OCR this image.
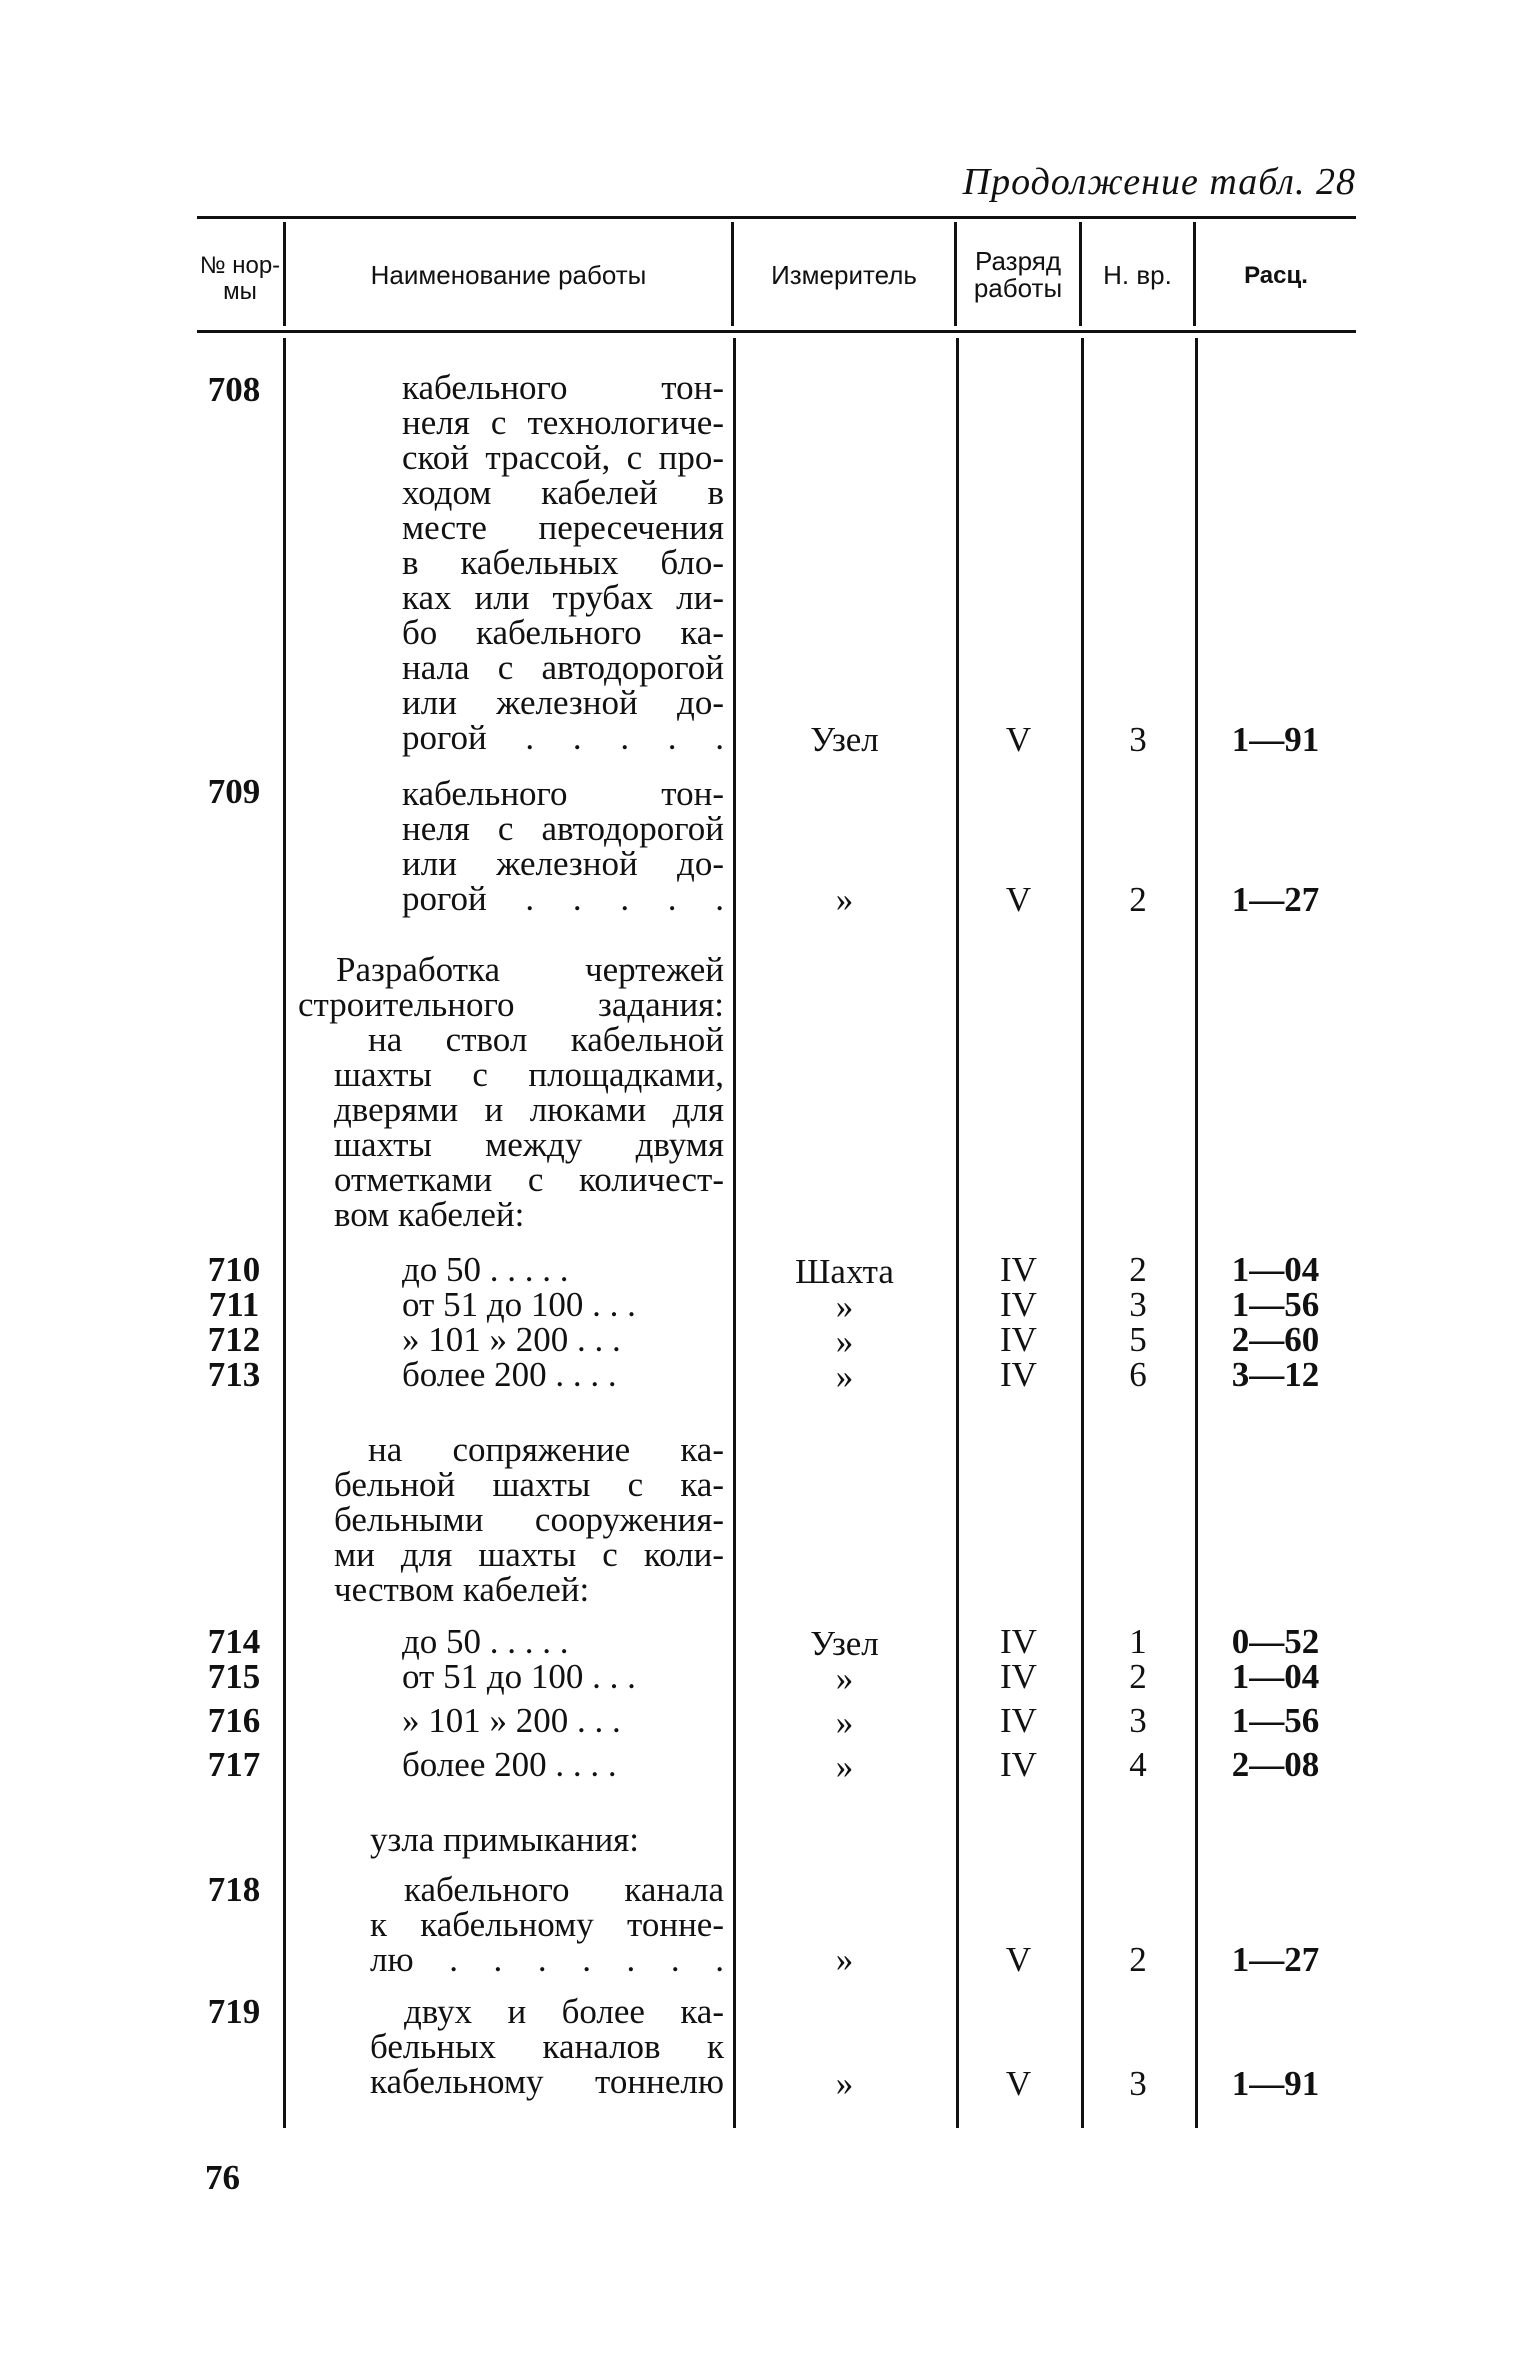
Продолжение табл. 28
№ нор- мы
Наименование работы	Измеритель	Разряд работы	Н. вр.	Расц.
708	кабельного тон-
неля с технологиче-
ской трассой, с про-
ходом кабелей в
месте пересечения
в кабельных бло-
ках или трубах ли-
бо кабельного ка-
нала с автодорогой
или железной до-
рогой . . . . .	Узел	V	3	1—91
709	кабельного тон-
неля с автодорогой
или железной до-
рогой . . . . .	»	V	2	1—27
Разработка чертежей
строительного задания:
на ствол кабельной
шахты с площадками,
дверями и люками для
шахты между двумя
отметками с количест-
вом кабелей:
710	до 50 . . . . .	Шахта	IV	2	1—04
711	от 51 до 100 . . .	»	IV	3	1—56
712	» 101 » 200 . . .	»	IV	5	2—60
713	более 200 . . . .	»	IV	6	3—12
на сопряжение ка-
бельной шахты с ка-
бельными сооружения-
ми для шахты с коли-
чеством кабелей:
714	до 50 . . . . .	Узел	IV	1	0—52
715	от 51 до 100 . . .	»	IV	2	1—04
716	» 101 » 200 . . .	»	IV	3	1—56
717	более 200 . . . .	»	IV	4	2—08
узла примыкания:
718	кабельного канала
к кабельному тонне-
лю . . . . . . .	»	V	2	1—27
719	двух и более ка-
бельных каналов к
кабельному тоннелю	»	V	3	1—91
76
